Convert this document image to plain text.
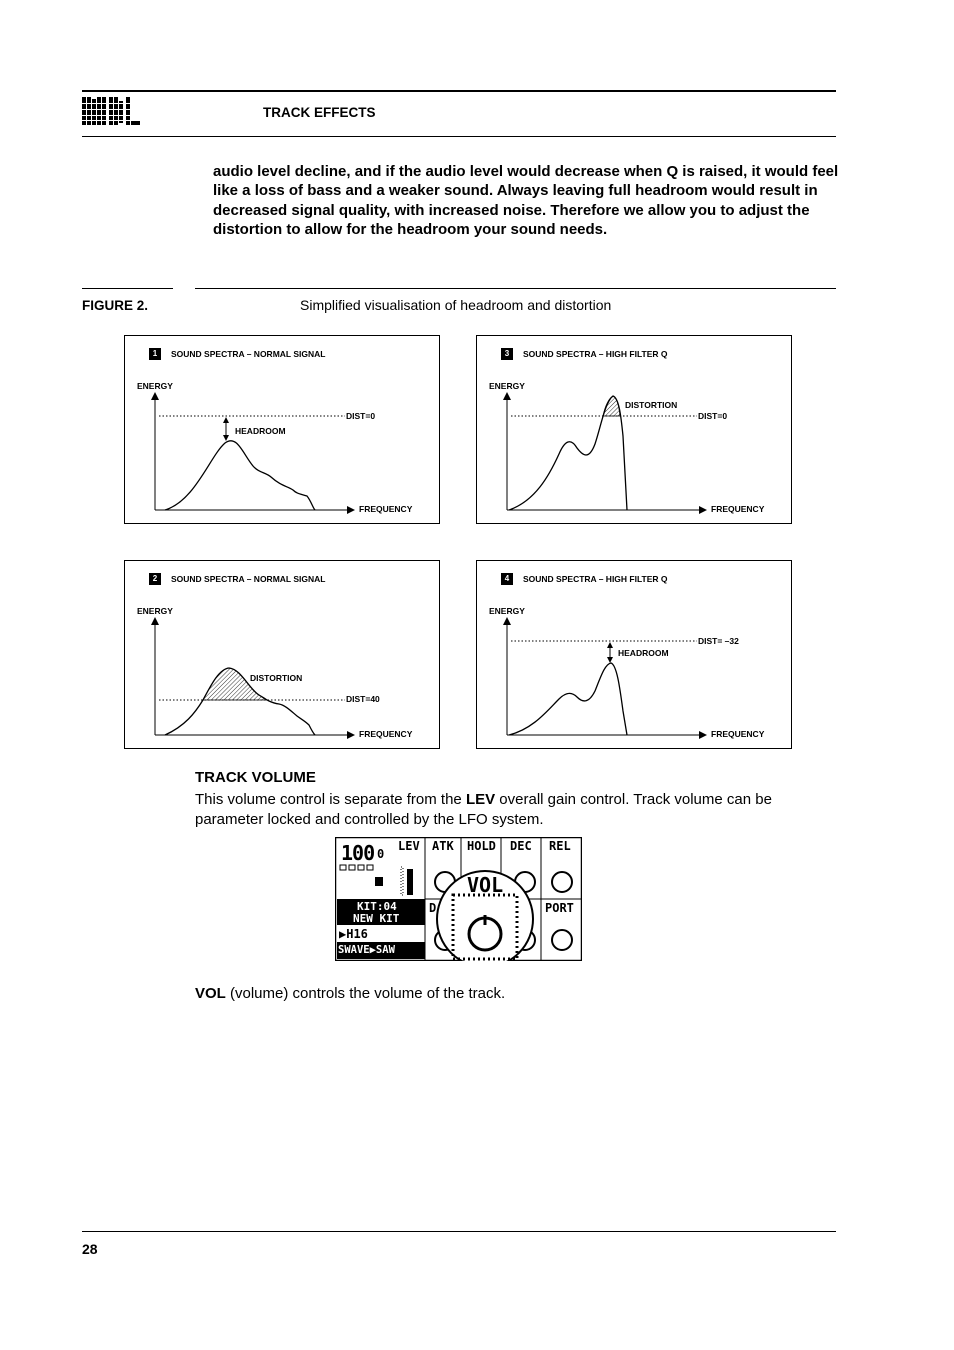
TRACK EFFECTS
audio level decline, and if the audio level would decrease when Q is raised, it would feel like a loss of bass and a weaker sound. Always leaving full headroom would result in decreased signal quality, with increased noise. Therefore we allow you to adjust the distortion to allow for the headroom your sound needs.
FIGURE 2.	Simplified visualisation of headroom and distortion
1	SOUND SPECTRA – NORMAL SIGNAL
ENERGY
FREQUENCY
DIST=0
HEADROOM
3	SOUND SPECTRA – HIGH FILTER Q
ENERGY
FREQUENCY
DIST=0
DISTORTION
2	SOUND SPECTRA – NORMAL SIGNAL
ENERGY
FREQUENCY
DIST=40
DISTORTION
4	SOUND SPECTRA – HIGH FILTER Q
ENERGY
FREQUENCY
DIST= –32
HEADROOM
TRACK VOLUME
This volume control is separate from the LEV overall gain control. Track volume can be parameter locked and controlled by the LFO system.
100 0
LEV ATK HOLD DEC REL
D	PORT
KIT:04
NEW KIT
▶H16
SWAVE▶SAW
VOL
VOL (volume) controls the volume of the track.
28
